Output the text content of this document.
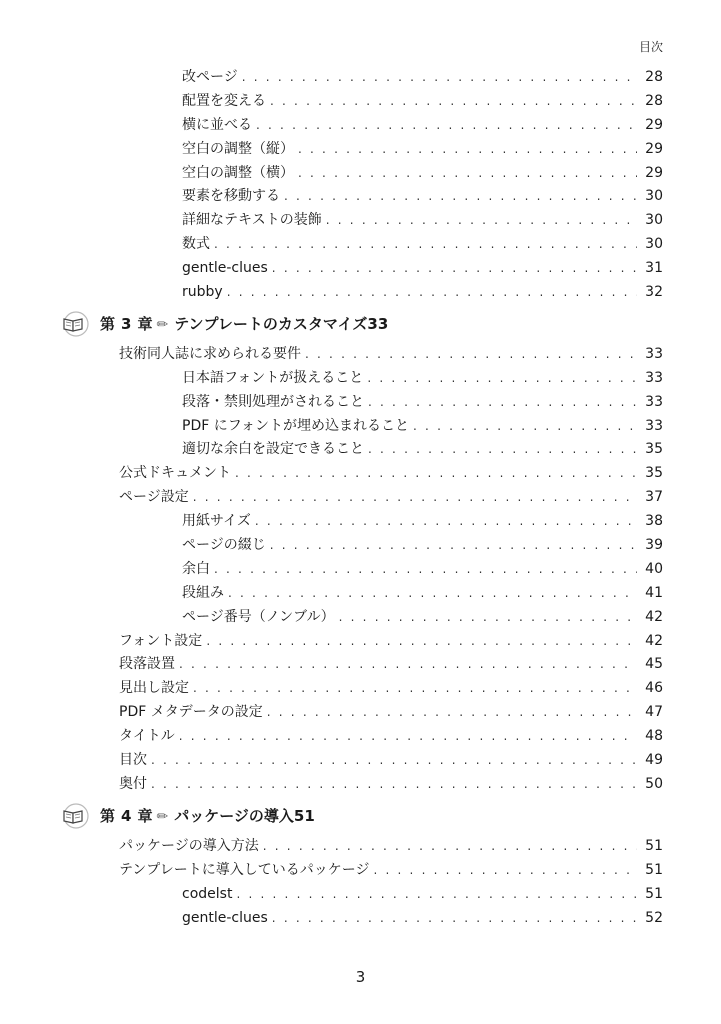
目次
改ページ . . .	28
配置を変える . . .	28
横に並べる . . .	29
空白の調整（縦） . . .	29
空白の調整（横） . . .	29
要素を移動する . . .	30
詳細なテキストの装飾 . . .	30
数式 . . .	30
gentle-clues . . .	31
rubby . . .	32
第 3 章 ✏ テンプレートのカスタマイズ 33
技術同人誌に求められる要件 . . .	33
日本語フォントが扱えること . . .	33
段落・禁則処理がされること . . .	33
PDF にフォントが埋め込まれること . . .	33
適切な余白を設定できること . . .	35
公式ドキュメント . . .	35
ページ設定 . . .	37
用紙サイズ . . .	38
ページの綴じ . . .	39
余白 . . .	40
段組み . . .	41
ページ番号（ノンブル） . . .	42
フォント設定 . . .	42
段落設置 . . .	45
見出し設定 . . .	46
PDF メタデータの設定 . . .	47
タイトル . . .	48
目次 . . .	49
奥付 . . .	50
第 4 章 ✏ パッケージの導入 51
パッケージの導入方法 . . .	51
テンプレートに導入しているパッケージ . . .	51
codelst . . .	51
gentle-clues . . .	52
3
